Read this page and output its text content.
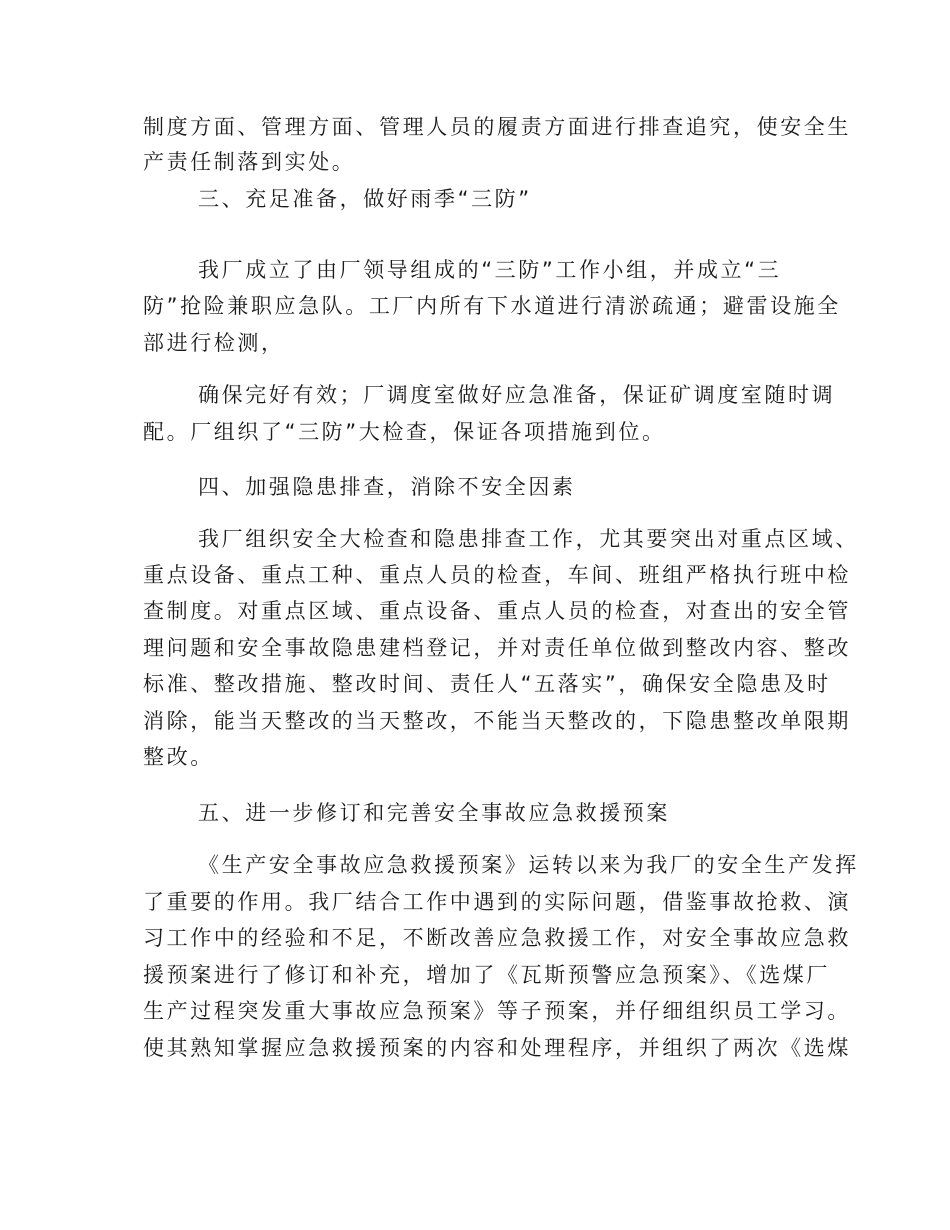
制度方面、管理方面、管理人员的履责方面进行排查追究，使安全生

产责任制落到实处。

三、充足准备，做好雨季“三防”

我厂成立了由厂领导组成的“三防”工作小组，并成立“三

防”抢险兼职应急队。工厂内所有下水道进行清淤疏通；避雷设施全

部进行检测，

确保完好有效；厂调度室做好应急准备，保证矿调度室随时调

配。厂组织了“三防”大检查，保证各项措施到位。

四、加强隐患排查，消除不安全因素

我厂组织安全大检查和隐患排查工作，尤其要突出对重点区域、

重点设备、重点工种、重点人员的检查，车间、班组严格执行班中检

查制度。对重点区域、重点设备、重点人员的检查，对查出的安全管

理问题和安全事故隐患建档登记，并对责任单位做到整改内容、整改

标准、整改措施、整改时间、责任人“五落实”，确保安全隐患及时

消除，能当天整改的当天整改，不能当天整改的，下隐患整改单限期

整改。

五、进一步修订和完善安全事故应急救援预案

《生产安全事故应急救援预案》运转以来为我厂的安全生产发挥

了重要的作用。我厂结合工作中遇到的实际问题，借鉴事故抢救、演

习工作中的经验和不足，不断改善应急救援工作，对安全事故应急救

援预案进行了修订和补充，增加了《瓦斯预警应急预案》、《选煤厂

生产过程突发重大事故应急预案》等子预案，并仔细组织员工学习。

使其熟知掌握应急救援预案的内容和处理程序，并组织了两次《选煤
